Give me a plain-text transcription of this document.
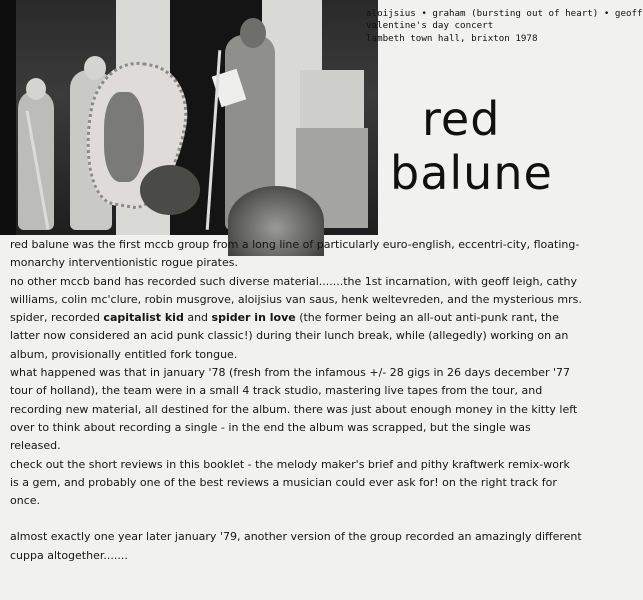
aloijsius • graham (bursting out of heart) • geoff
valentine's day concert
lambeth town hall, brixton 1978
red
balune
red balune was the first mccb group from a long line of particularly euro-english, eccentri-city, floating-
monarchy interventionistic rogue pirates.
no other mccb band has recorded such diverse material.......the 1st incarnation, with geoff leigh, cathy
williams, colin mc'clure, robin musgrove, aloijsius van saus, henk weltevreden, and the mysterious mrs.
spider, recorded capitalist kid and spider in love (the former being an all-out anti-punk rant, the
latter now considered an acid punk classic!) during their lunch break, while (allegedly) working on an
album, provisionally entitled fork tongue.
what happened was that in january '78 (fresh from the infamous +/- 28 gigs in 26 days december '77
tour of holland), the team were in a small 4 track studio, mastering live tapes from the tour, and
recording new material, all destined for the album. there was just about enough money in the kitty left
over to think about recording a single - in the end the album was scrapped, but the single was
released.
check out the short reviews in this booklet - the melody maker's brief and pithy kraftwerk remix-work
is a gem, and probably one of the best reviews a musician could ever ask for! on the right track for
once.
almost exactly one year later january '79, another version of the group recorded an amazingly different
cuppa altogether.......
